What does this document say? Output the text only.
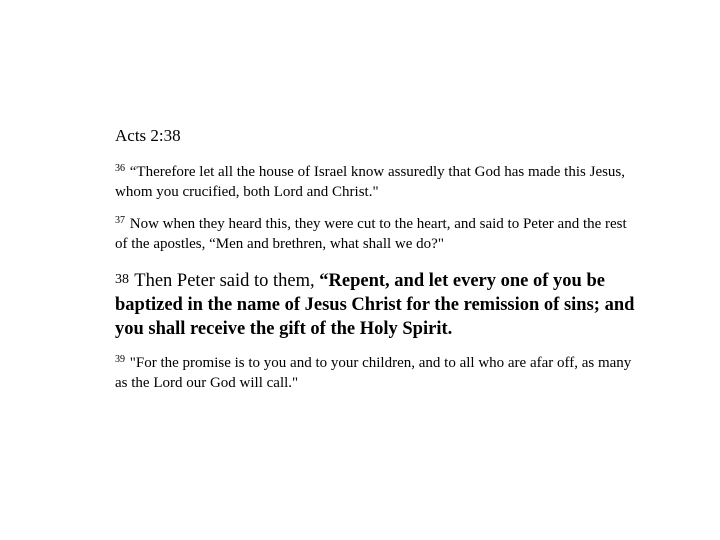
Acts 2:38

$^{36}$ “Therefore let all the house of Israel know assuredly that God has made this Jesus, whom you crucified, both Lord and Christ."

$^{37}$ Now when they heard this, they were cut to the heart, and said to Peter and the rest of the apostles, “Men and brethren, what shall we do?"

38 Then Peter said to them, “Repent, and let every one of you be baptized in the name of Jesus Christ for the remission of sins; and you shall receive the gift of the Holy Spirit.

$^{39}$ "For the promise is to you and to your children, and to all who are afar off, as many as the Lord our God will call."
